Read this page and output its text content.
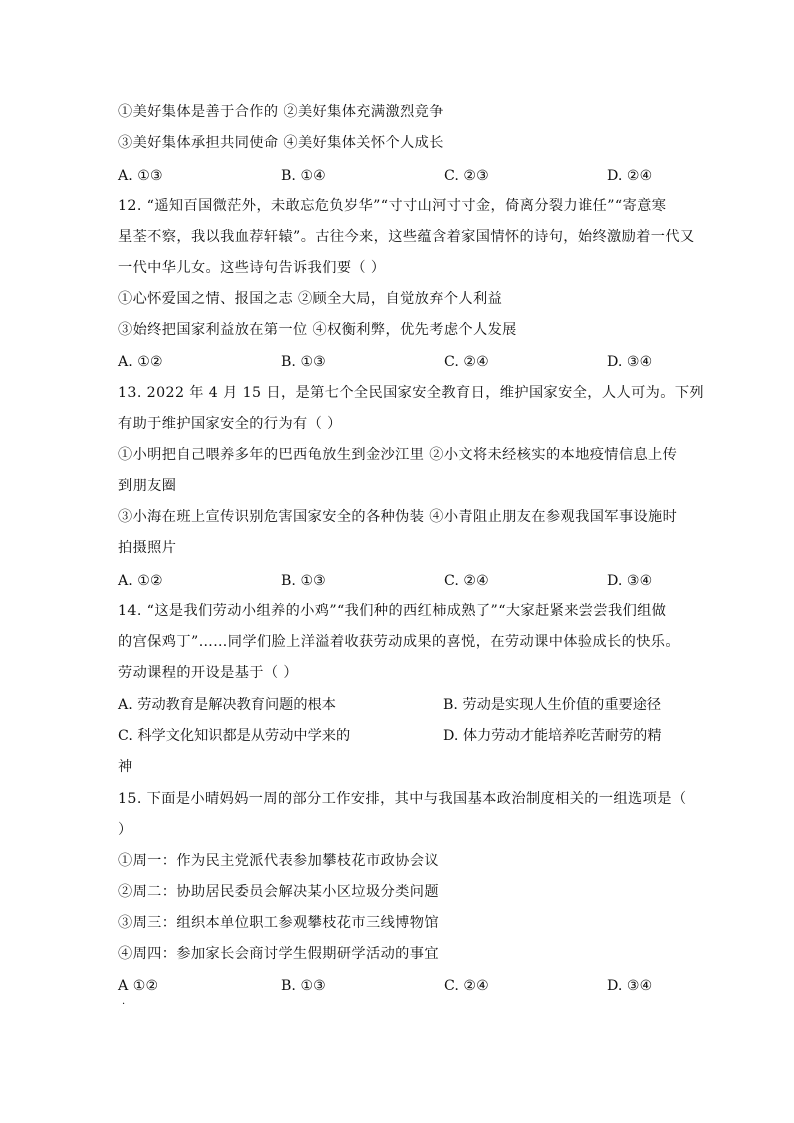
①美好集体是善于合作的 ②美好集体充满激烈竞争
③美好集体承担共同使命 ④美好集体关怀个人成长
A. ①③	B. ①④	C. ②③	D. ②④
12. “遥知百国微茫外，未敢忘危负岁华”“寸寸山河寸寸金，倚离分裂力谁任”“寄意寒
星荃不察，我以我血荐轩辕”。古往今来，这些蕴含着家国情怀的诗句，始终激励着一代又
一代中华儿女。这些诗句告诉我们要（ ）
①心怀爱国之情、报国之志 ②顾全大局，自觉放弃个人利益
③始终把国家利益放在第一位 ④权衡利弊，优先考虑个人发展
A. ①②	B. ①③	C. ②④	D. ③④
13. 2022 年 4 月 15 日，是第七个全民国家安全教育日，维护国家安全，人人可为。下列
有助于维护国家安全的行为有（ ）
①小明把自己喂养多年的巴西龟放生到金沙江里 ②小文将未经核实的本地疫情信息上传
到朋友圈
③小海在班上宣传识别危害国家安全的各种伪装 ④小青阻止朋友在参观我国军事设施时
拍摄照片
A. ①②	B. ①③	C. ②④	D. ③④
14. “这是我们劳动小组养的小鸡”“我们种的西红柿成熟了”“大家赶紧来尝尝我们组做
的宫保鸡丁”……同学们脸上洋溢着收获劳动成果的喜悦，在劳动课中体验成长的快乐。
劳动课程的开设是基于（ ）
A. 劳动教育是解决教育问题的根本	B. 劳动是实现人生价值的重要途径
C. 科学文化知识都是从劳动中学来的	D. 体力劳动才能培养吃苦耐劳的精
神
15. 下面是小晴妈妈一周的部分工作安排，其中与我国基本政治制度相关的一组选项是（
）
①周一：作为民主党派代表参加攀枝花市政协会议
②周二：协助居民委员会解决某小区垃圾分类问题
③周三：组织本单位职工参观攀枝花市三线博物馆
④周四：参加家长会商讨学生假期研学活动的事宜
A ①②	B. ①③	C. ②④	D. ③④
·
